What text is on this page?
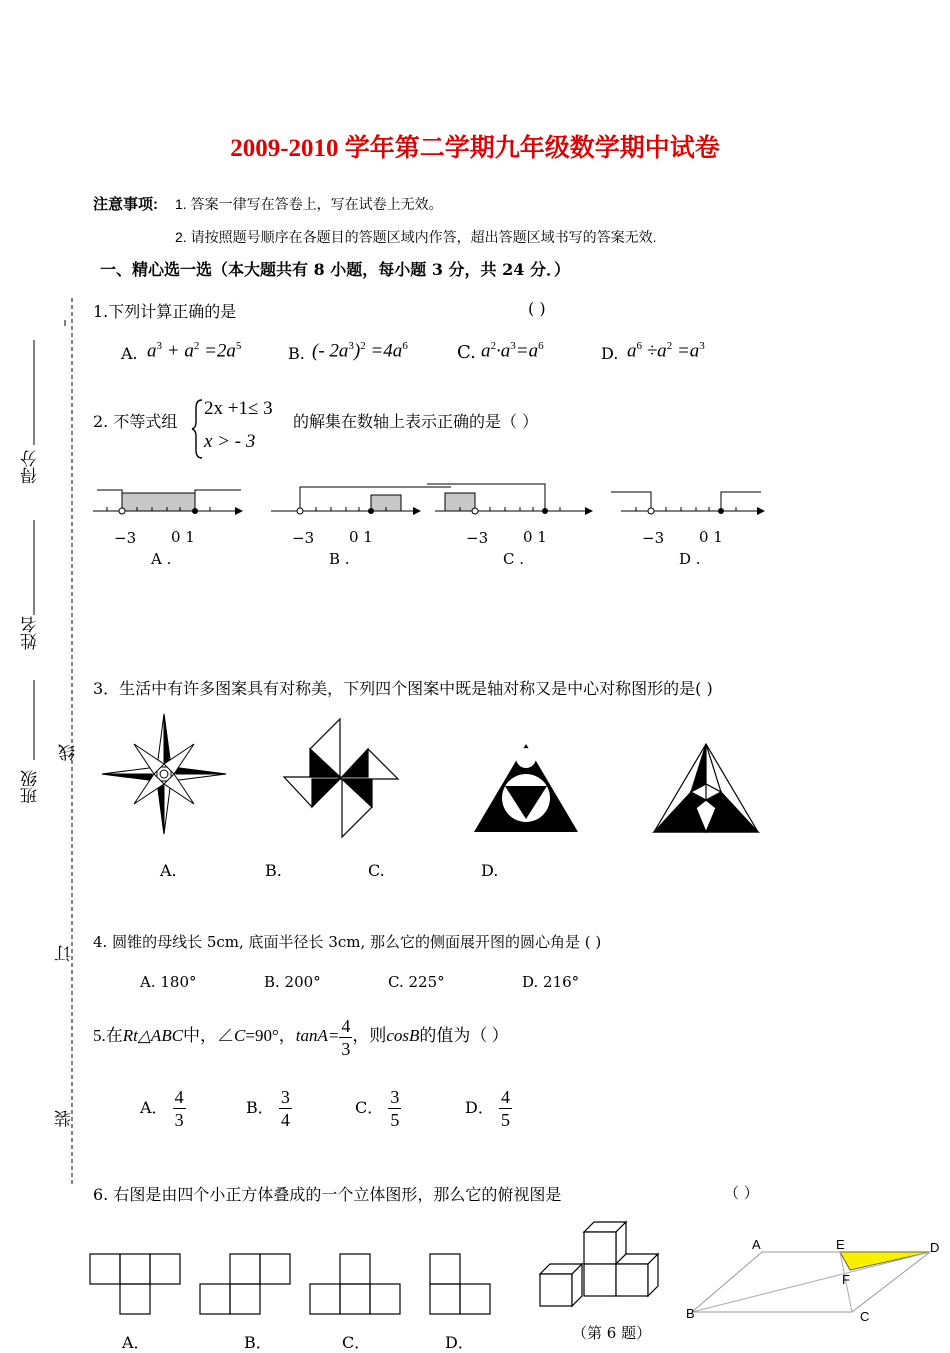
2009-2010 学年第二学期九年级数学期中试卷
注意事项: 1. 答案一律写在答卷上，写在试卷上无效。
2. 请按照题号顺序在各题目的答题区域内作答，超出答题区域书写的答案无效.
一、精心选一选（本大题共有 8 小题，每小题 3 分，共 24 分．）
得分
姓名
班级
线
订
装
1.下列计算正确的是	( )
A. $a^3 + a^2 =2a^5$	B. (- $2a^3)^2 =4a^6$	C. $a^2\cdot a^3=a^6$	D. $a^6 \div a^2 =a^3$
2. 不等式组
2x +1≤ 3
x > - 3
的解集在数轴上表示正确的是（ ）
−3 0 1
A .
−3 0 1
B .
−3 0 1
C .
−3 0 1
D .
3．生活中有许多图案具有对称美，下列四个图案中既是轴对称又是中心对称图形的是( )
A.	B.	C.	D.
4. 圆锥的母线长 5cm, 底面半径长 3cm, 那么它的侧面展开图的圆心角是 ( )
A. 180°	B. 200°	C. 225°	D. 216°
5.在Rt△ABC中，∠C=90°，$\tan A= \frac{4}{3}$ ，则cosB的值为（ ）
A． $\frac{4}{3}$	B． $\frac{3}{4}$	C． $\frac{3}{5}$	D． $\frac{4}{5}$
6. 右图是由四个小正方体叠成的一个立体图形，那么它的俯视图是	（ ）
A．	B．	C．	D．	（第 6 题）
A	E	D
F
B	C
